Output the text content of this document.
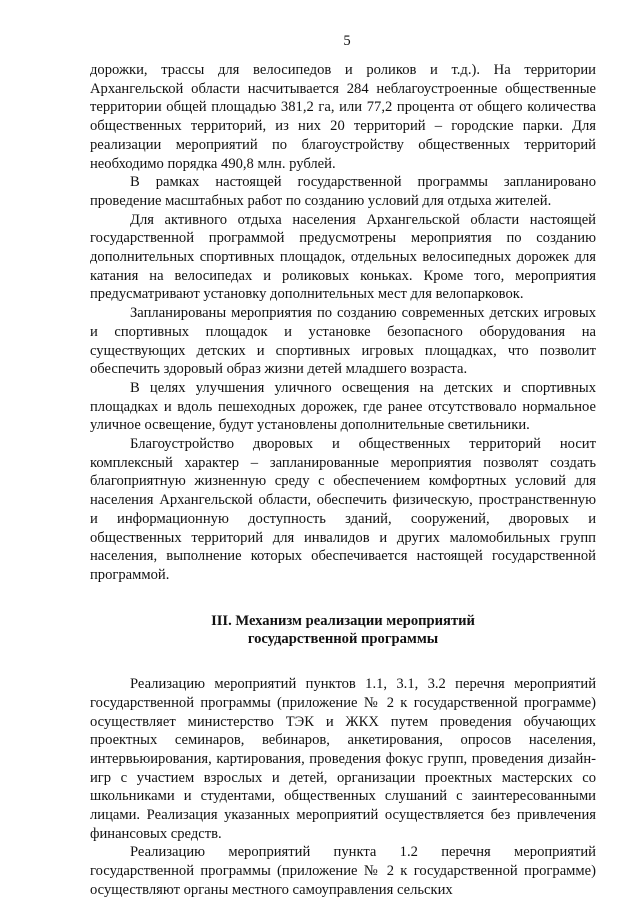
5

дорожки, трассы для велосипедов и роликов и т.д.). На территории Архангельской области насчитывается 284 неблагоустроенные общественные территории общей площадью 381,2 га, или 77,2 процента от общего количества общественных территорий, из них 20 территорий – городские парки. Для реализации мероприятий по благоустройству общественных территорий необходимо порядка 490,8 млн. рублей.

В рамках настоящей государственной программы запланировано проведение масштабных работ по созданию условий для отдыха жителей.

Для активного отдыха населения Архангельской области настоящей государственной программой предусмотрены мероприятия по созданию дополнительных спортивных площадок, отдельных велосипедных дорожек для катания на велосипедах и роликовых коньках. Кроме того, мероприятия предусматривают установку дополнительных мест для велопарковок.

Запланированы мероприятия по созданию современных детских игровых и спортивных площадок и установке безопасного оборудования на существующих детских и спортивных игровых площадках, что позволит обеспечить здоровый образ жизни детей младшего возраста.

В целях улучшения уличного освещения на детских и спортивных площадках и вдоль пешеходных дорожек, где ранее отсутствовало нормальное уличное освещение, будут установлены дополнительные светильники.

Благоустройство дворовых и общественных территорий носит комплексный характер – запланированные мероприятия позволят создать благоприятную жизненную среду с обеспечением комфортных условий для населения Архангельской области, обеспечить физическую, пространственную и информационную доступность зданий, сооружений, дворовых и общественных территорий для инвалидов и других маломобильных групп населения, выполнение которых обеспечивается настоящей государственной программой.

III. Механизм реализации мероприятий
государственной программы

Реализацию мероприятий пунктов 1.1, 3.1, 3.2 перечня мероприятий государственной программы (приложение № 2 к государственной программе) осуществляет министерство ТЭК и ЖКХ путем проведения обучающих проектных семинаров, вебинаров, анкетирования, опросов населения, интервьюирования, картирования, проведения фокус групп, проведения дизайн-игр с участием взрослых и детей, организации проектных мастерских со школьниками и студентами, общественных слушаний с заинтересованными лицами. Реализация указанных мероприятий осуществляется без привлечения финансовых средств.

Реализацию мероприятий пункта 1.2 перечня мероприятий государственной программы (приложение № 2 к государственной программе) осуществляют органы местного самоуправления сельских
